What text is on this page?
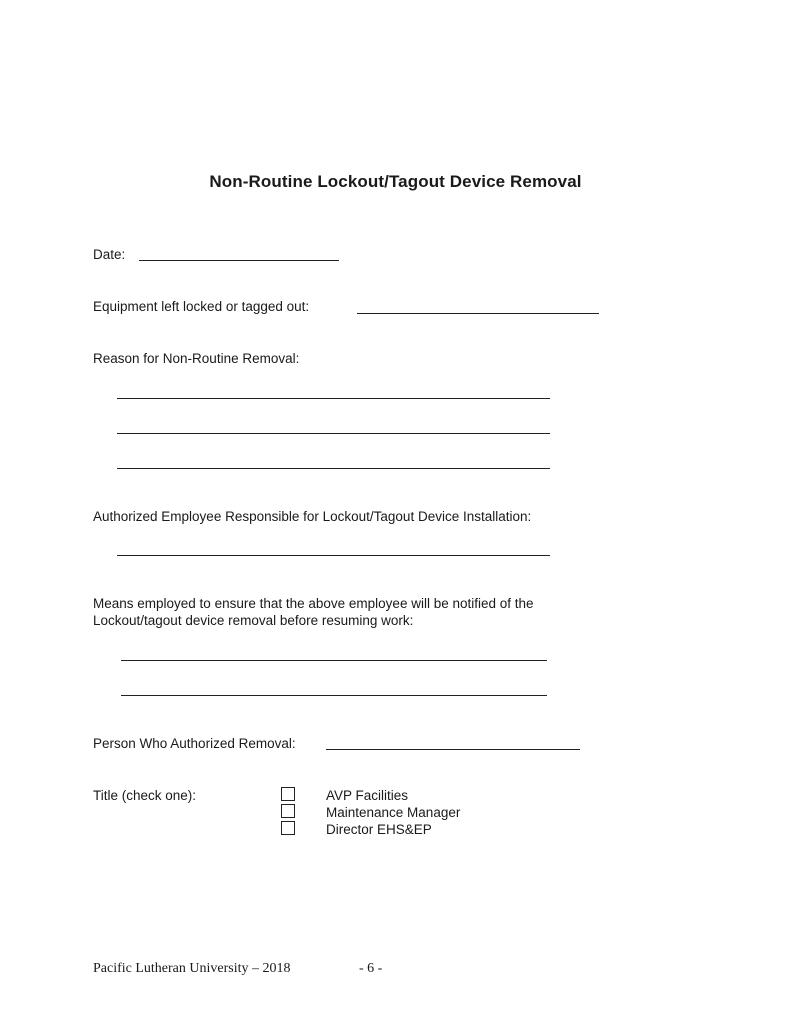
Non-Routine Lockout/Tagout Device Removal
Date:
Equipment left locked or tagged out:
Reason for Non-Routine Removal:
Authorized Employee Responsible for Lockout/Tagout Device Installation:
Means employed to ensure that the above employee will be notified of the
Lockout/tagout device removal before resuming work:
Person Who Authorized Removal:
Title (check one):	AVP Facilities
Maintenance Manager
Director EHS&EP
Pacific Lutheran University – 2018	- 6 -
